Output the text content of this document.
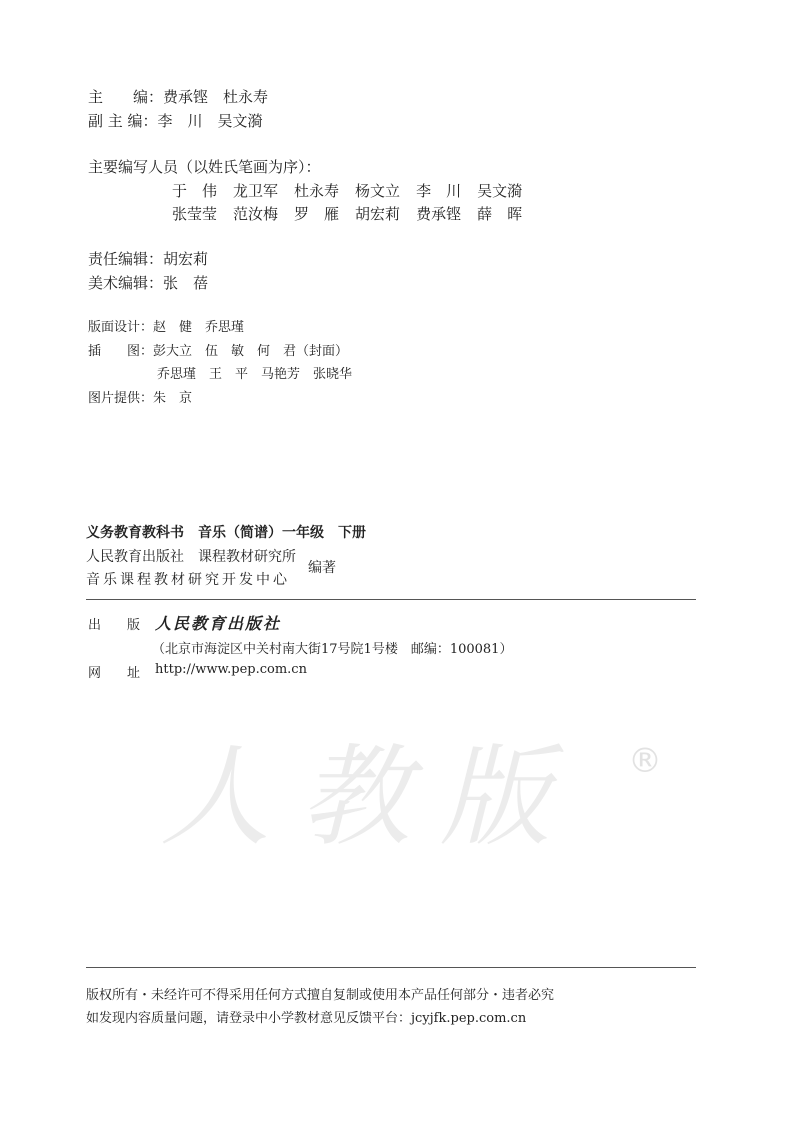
主　　编：费承铿　杜永寿
副 主 编：李　川　吴文漪
主要编写人员（以姓氏笔画为序）：
于　伟 龙卫军 杜永寿 杨文立 李　川 吴文漪
张莹莹 范汝梅 罗　雁 胡宏莉 费承铿 薛　晖
责任编辑：胡宏莉
美术编辑：张　蓓
版面设计：赵　健　乔思瑾
插　　图：彭大立　伍　敏　何　君（封面）
乔思瑾　王　平　马艳芳　张晓华
图片提供：朱　京
义务教育教科书　音乐（简谱）一年级　下册
人民教育出版社　课程教材研究所
音乐课程教材研究开发中心
编著
出　　版 人民教育出版社
（北京市海淀区中关村南大街17号院1号楼　邮编：100081）
网　　址 http://www.pep.com.cn
人教版 ®
版权所有・未经许可不得采用任何方式擅自复制或使用本产品任何部分・违者必究
如发现内容质量问题，请登录中小学教材意见反馈平台：jcyjfk.pep.com.cn
